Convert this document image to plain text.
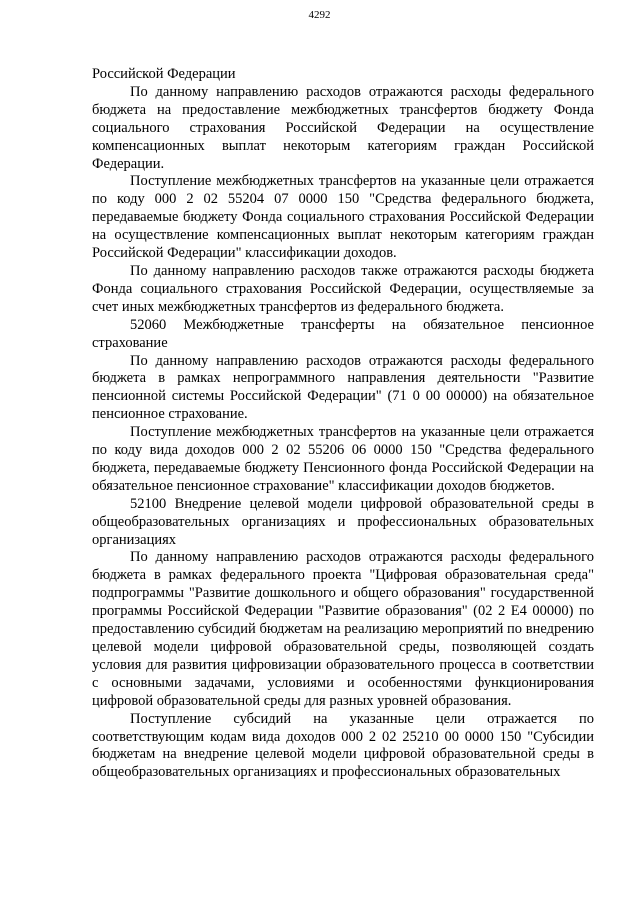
4292

Российской Федерации

По данному направлению расходов отражаются расходы федерального бюджета на предоставление межбюджетных трансфертов бюджету Фонда социального страхования Российской Федерации на осуществление компенсационных выплат некоторым категориям граждан Российской Федерации.

Поступление межбюджетных трансфертов на указанные цели отражается по коду 000 2 02 55204 07 0000 150 "Средства федерального бюджета, передаваемые бюджету Фонда социального страхования Российской Федерации на осуществление компенсационных выплат некоторым категориям граждан Российской Федерации" классификации доходов.

По данному направлению расходов также отражаются расходы бюджета Фонда социального страхования Российской Федерации, осуществляемые за счет иных межбюджетных трансфертов из федерального бюджета.

52060 Межбюджетные трансферты на обязательное пенсионное страхование

По данному направлению расходов отражаются расходы федерального бюджета в рамках непрограммного направления деятельности "Развитие пенсионной системы Российской Федерации" (71 0 00 00000) на обязательное пенсионное страхование.

Поступление межбюджетных трансфертов на указанные цели отражается по коду вида доходов 000 2 02 55206 06 0000 150 "Средства федерального бюджета, передаваемые бюджету Пенсионного фонда Российской Федерации на обязательное пенсионное страхование" классификации доходов бюджетов.

52100 Внедрение целевой модели цифровой образовательной среды в общеобразовательных организациях и профессиональных образовательных организациях

По данному направлению расходов отражаются расходы федерального бюджета в рамках федерального проекта "Цифровая образовательная среда" подпрограммы "Развитие дошкольного и общего образования" государственной программы Российской Федерации "Развитие образования" (02 2 E4 00000) по предоставлению субсидий бюджетам на реализацию мероприятий по внедрению целевой модели цифровой образовательной среды, позволяющей создать условия для развития цифровизации образовательного процесса в соответствии с основными задачами, условиями и особенностями функционирования цифровой образовательной среды для разных уровней образования.

Поступление субсидий на указанные цели отражается по соответствующим кодам вида доходов 000 2 02 25210 00 0000 150 "Субсидии бюджетам на внедрение целевой модели цифровой образовательной среды в общеобразовательных организациях и профессиональных образовательных
